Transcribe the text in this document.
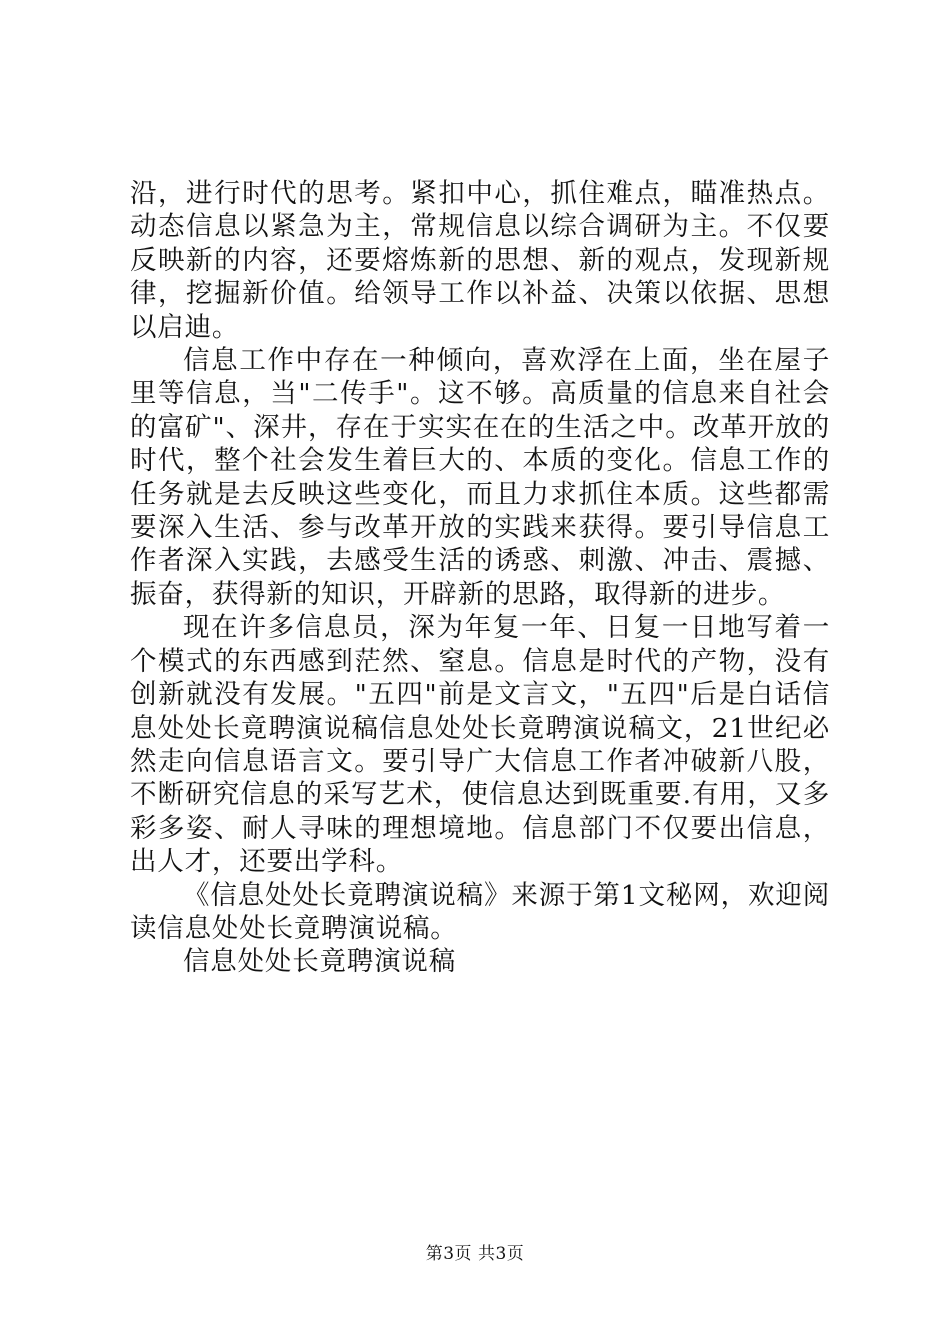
沿，进行时代的思考。紧扣中心，抓住难点，瞄准热点。动态信息以紧急为主，常规信息以综合调研为主。不仅要反映新的内容，还要熔炼新的思想、新的观点，发现新规律，挖掘新价值。给领导工作以补益、决策以依据、思想以启迪。

信息工作中存在一种倾向，喜欢浮在上面，坐在屋子里等信息，当"二传手"。这不够。高质量的信息来自社会的富矿"、深井，存在于实实在在的生活之中。改革开放的时代，整个社会发生着巨大的、本质的变化。信息工作的任务就是去反映这些变化，而且力求抓住本质。这些都需要深入生活、参与改革开放的实践来获得。要引导信息工作者深入实践，去感受生活的诱惑、刺激、冲击、震撼、振奋，获得新的知识，开辟新的思路，取得新的进步。

现在许多信息员，深为年复一年、日复一日地写着一个模式的东西感到茫然、窒息。信息是时代的产物，没有创新就没有发展。"五四"前是文言文，"五四"后是白话信息处处长竟聘演说稿信息处处长竟聘演说稿文，21世纪必然走向信息语言文。要引导广大信息工作者冲破新八股，不断研究信息的采写艺术，使信息达到既重要.有用，又多彩多姿、耐人寻味的理想境地。信息部门不仅要出信息，出人才，还要出学科。

《信息处处长竟聘演说稿》来源于第1文秘网，欢迎阅读信息处处长竟聘演说稿。

信息处处长竟聘演说稿

第3页 共3页
